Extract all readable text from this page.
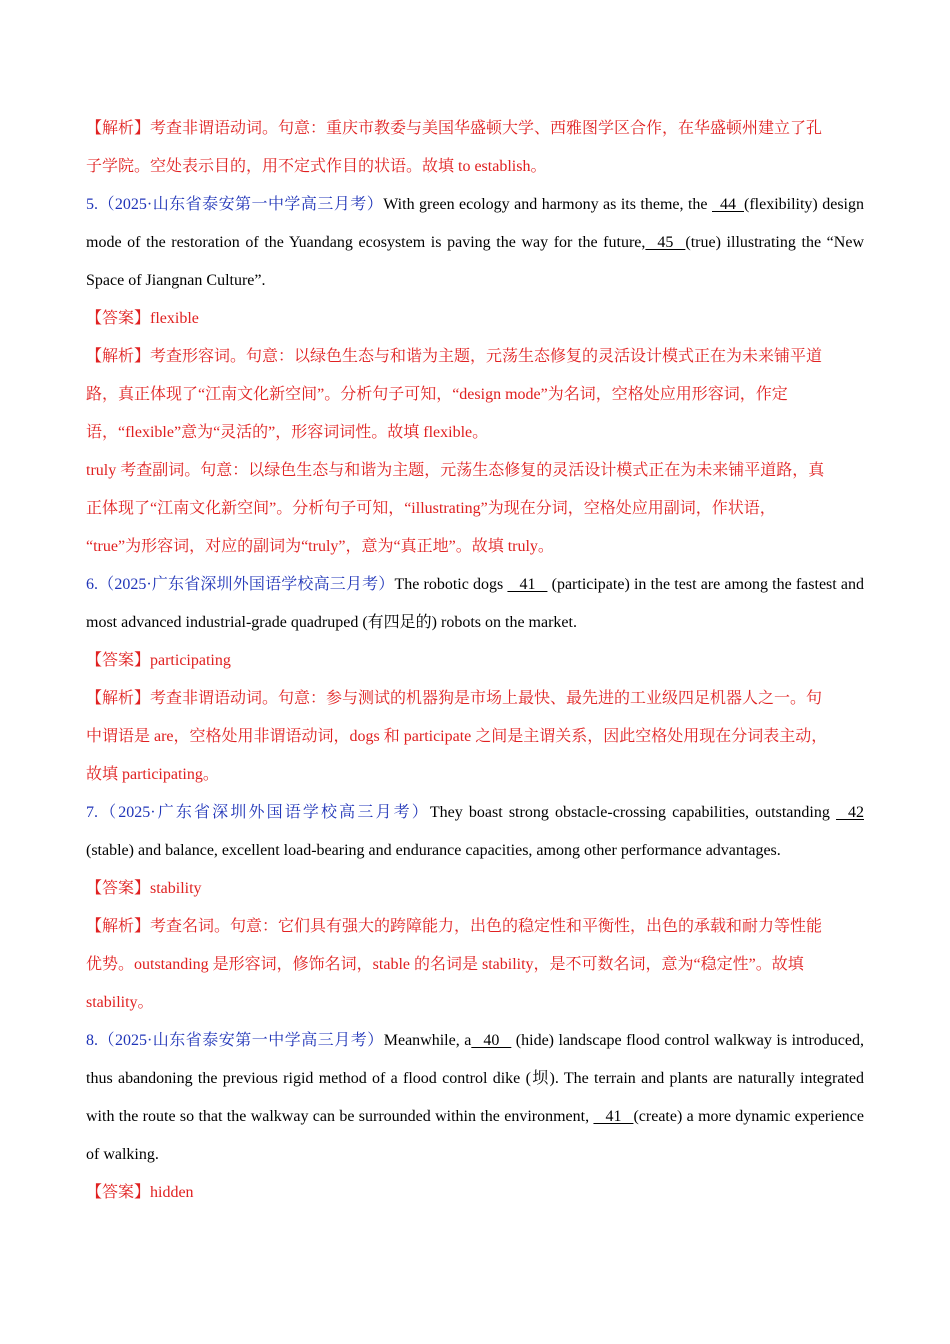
【解析】考查非谓语动词。句意：重庆市教委与美国华盛顿大学、西雅图学区合作，在华盛顿州建立了孔

子学院。空处表示目的，用不定式作目的状语。故填 to establish。

5.（2025·山东省泰安第一中学高三月考）With green ecology and harmony as its theme, the   44  (flexibility) design mode of the restoration of the Yuandang ecosystem is paving the way for the future,   45   (true) illustrating the “New Space of Jiangnan Culture”.

【答案】flexible

【解析】考查形容词。句意：以绿色生态与和谐为主题，元荡生态修复的灵活设计模式正在为未来铺平道

路，真正体现了“江南文化新空间”。分析句子可知，“design mode”为名词，空格处应用形容词，作定

语，“flexible”意为“灵活的”，形容词词性。故填 flexible。

truly 考查副词。句意：以绿色生态与和谐为主题，元荡生态修复的灵活设计模式正在为未来铺平道路，真

正体现了“江南文化新空间”。分析句子可知，“illustrating”为现在分词，空格处应用副词，作状语，

“true”为形容词，对应的副词为“truly”，意为“真正地”。故填 truly。

6.（2025·广东省深圳外国语学校高三月考）The robotic dogs    41    (participate) in the test are among the fastest and most advanced industrial-grade quadruped (有四足的) robots on the market.

【答案】participating

【解析】考查非谓语动词。句意：参与测试的机器狗是市场上最快、最先进的工业级四足机器人之一。句

中谓语是 are，空格处用非谓语动词，dogs 和 participate 之间是主谓关系，因此空格处用现在分词表主动，

故填 participating。

7.（2025·广东省深圳外国语学校高三月考）They boast strong obstacle-crossing capabilities, outstanding    42 (stable) and balance, excellent load-bearing and endurance capacities, among other performance advantages.

【答案】stability

【解析】考查名词。句意：它们具有强大的跨障能力，出色的稳定性和平衡性，出色的承载和耐力等性能

优势。outstanding 是形容词，修饰名词，stable 的名词是 stability，是不可数名词，意为“稳定性”。故填

stability。

8.（2025·山东省泰安第一中学高三月考）Meanwhile, a   40    (hide) landscape flood control walkway is introduced, thus abandoning the previous rigid method of a flood control dike (坝). The terrain and plants are naturally integrated with the route so that the walkway can be surrounded within the environment,    41   (create) a more dynamic experience of walking.

【答案】hidden
